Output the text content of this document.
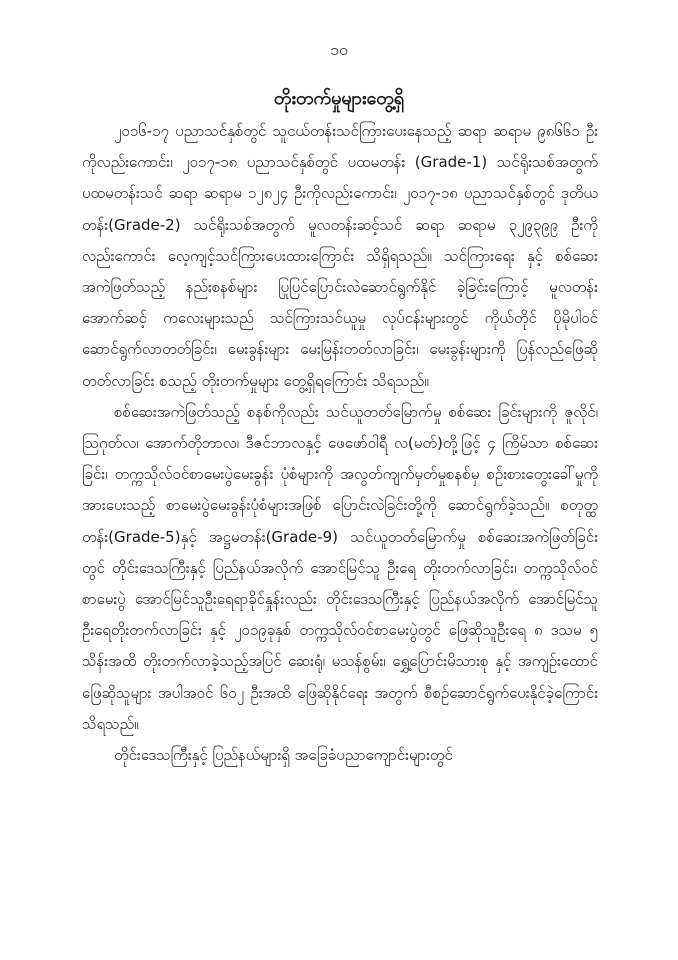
၁၀
တိုးတက်မှုများတွေ့ရှိ

၂၀၁၆-၁၇ ပညာသင်နှစ်တွင် သူငယ်တန်းသင်ကြားပေးနေသည့် ဆရာ ဆရာမ ၉၈၆၆၁ ဦးကိုလည်းကောင်း၊ ၂၀၁၇-၁၈ ပညာသင်နှစ်တွင် ပထမတန်း (Grade-1) သင်ရိုးသစ်အတွက် ပထမတန်းသင် ဆရာ ဆရာမ ၁၂၈၂၄ ဦးကိုလည်းကောင်း၊ ၂၀၁၇-၁၈ ပညာသင်နှစ်တွင် ဒုတိယတန်း(Grade-2) သင်ရိုးသစ်အတွက် မူလတန်းဆင့်သင် ဆရာ ဆရာမ ၃၂၉၃၉၉ ဦးကို လည်းကောင်း လေ့ကျင့်သင်ကြားပေးထားကြောင်း သိရှိရသည်။ သင်ကြားရေး နှင့် စစ်ဆေးအကဲဖြတ်သည့် နည်းစနစ်များ ပြုပြင်ပြောင်းလဲဆောင်ရွက်နိုင် ခဲ့ခြင်းကြောင့် မူလတန်းအောက်ဆင့် ကလေးများသည် သင်ကြားသင်ယူမှု လုပ်ငန်းများတွင် ကိုယ်တိုင် ပိုမိုပါဝင်ဆောင်ရွက်လာတတ်ခြင်း၊ မေးခွန်းများ မေးမြန်းတတ်လာခြင်း၊ မေးခွန်းများကို ပြန်လည်ဖြေဆိုတတ်လာခြင်း စသည့် တိုးတက်မှုများ တွေ့ရှိရကြောင်း သိရသည်။

စစ်ဆေးအကဲဖြတ်သည့် စနစ်ကိုလည်း သင်ယူတတ်မြောက်မှု စစ်ဆေး ခြင်းများကို ဇူလိုင်၊ သြဂုတ်လ၊ အောက်တိုဘာလ၊ ဒီဇင်ဘာလနှင့် ဖေဖော်ဝါရီ လ(မတ်)တို့ဖြင့် ၄ ကြိမ်သာ စစ်ဆေးခြင်း၊ တက္ကသိုလ်ဝင်စာမေးပွဲမေးခွန်း ပုံစံများကို အလွတ်ကျက်မှတ်မှုစနစ်မှ စဉ်းစားတွေးခေါ်မှုကို အားပေးသည့် စာမေးပွဲမေးခွန်းပုံစံများအဖြစ် ပြောင်းလဲခြင်းတို့ကို ဆောင်ရွက်ခဲ့သည်။ စတုတ္ထတန်း(Grade-5)နှင့် အဋ္ဌမတန်း(Grade-9) သင်ယူတတ်မြောက်မှု စစ်ဆေးအကဲဖြတ်ခြင်းတွင် တိုင်းဒေသကြီးနှင့် ပြည်နယ်အလိုက် အောင်မြင်သူ ဦးရေ တိုးတက်လာခြင်း၊ တက္ကသိုလ်ဝင်စာမေးပွဲ အောင်မြင်သူဦးရေရာခိုင်နှုန်းလည်း တိုင်းဒေသကြီးနှင့် ပြည်နယ်အလိုက် အောင်မြင်သူဦးရေတိုးတက်လာခြင်း နှင့် ၂၀၁၉ခုနှစ် တက္ကသိုလ်ဝင်စာမေးပွဲတွင် ဖြေဆိုသူဦးရေ ၈ ဒသမ ၅ သိန်းအထိ တိုးတက်လာခဲ့သည့်အပြင် ဆေးရုံ၊ မသန်စွမ်း၊ ရွှေ့ပြောင်းမိသားစု နှင့် အကျဉ်းထောင် ဖြေဆိုသူများ အပါအဝင် ၆၀၂ ဦးအထိ ဖြေဆိုနိုင်ရေး အတွက် စီစဉ်ဆောင်ရွက်ပေးနိုင်ခဲ့ကြောင်း သိရသည်။

တိုင်းဒေသကြီးနှင့် ပြည်နယ်များရှိ အခြေခံပညာကျောင်းများတွင်
